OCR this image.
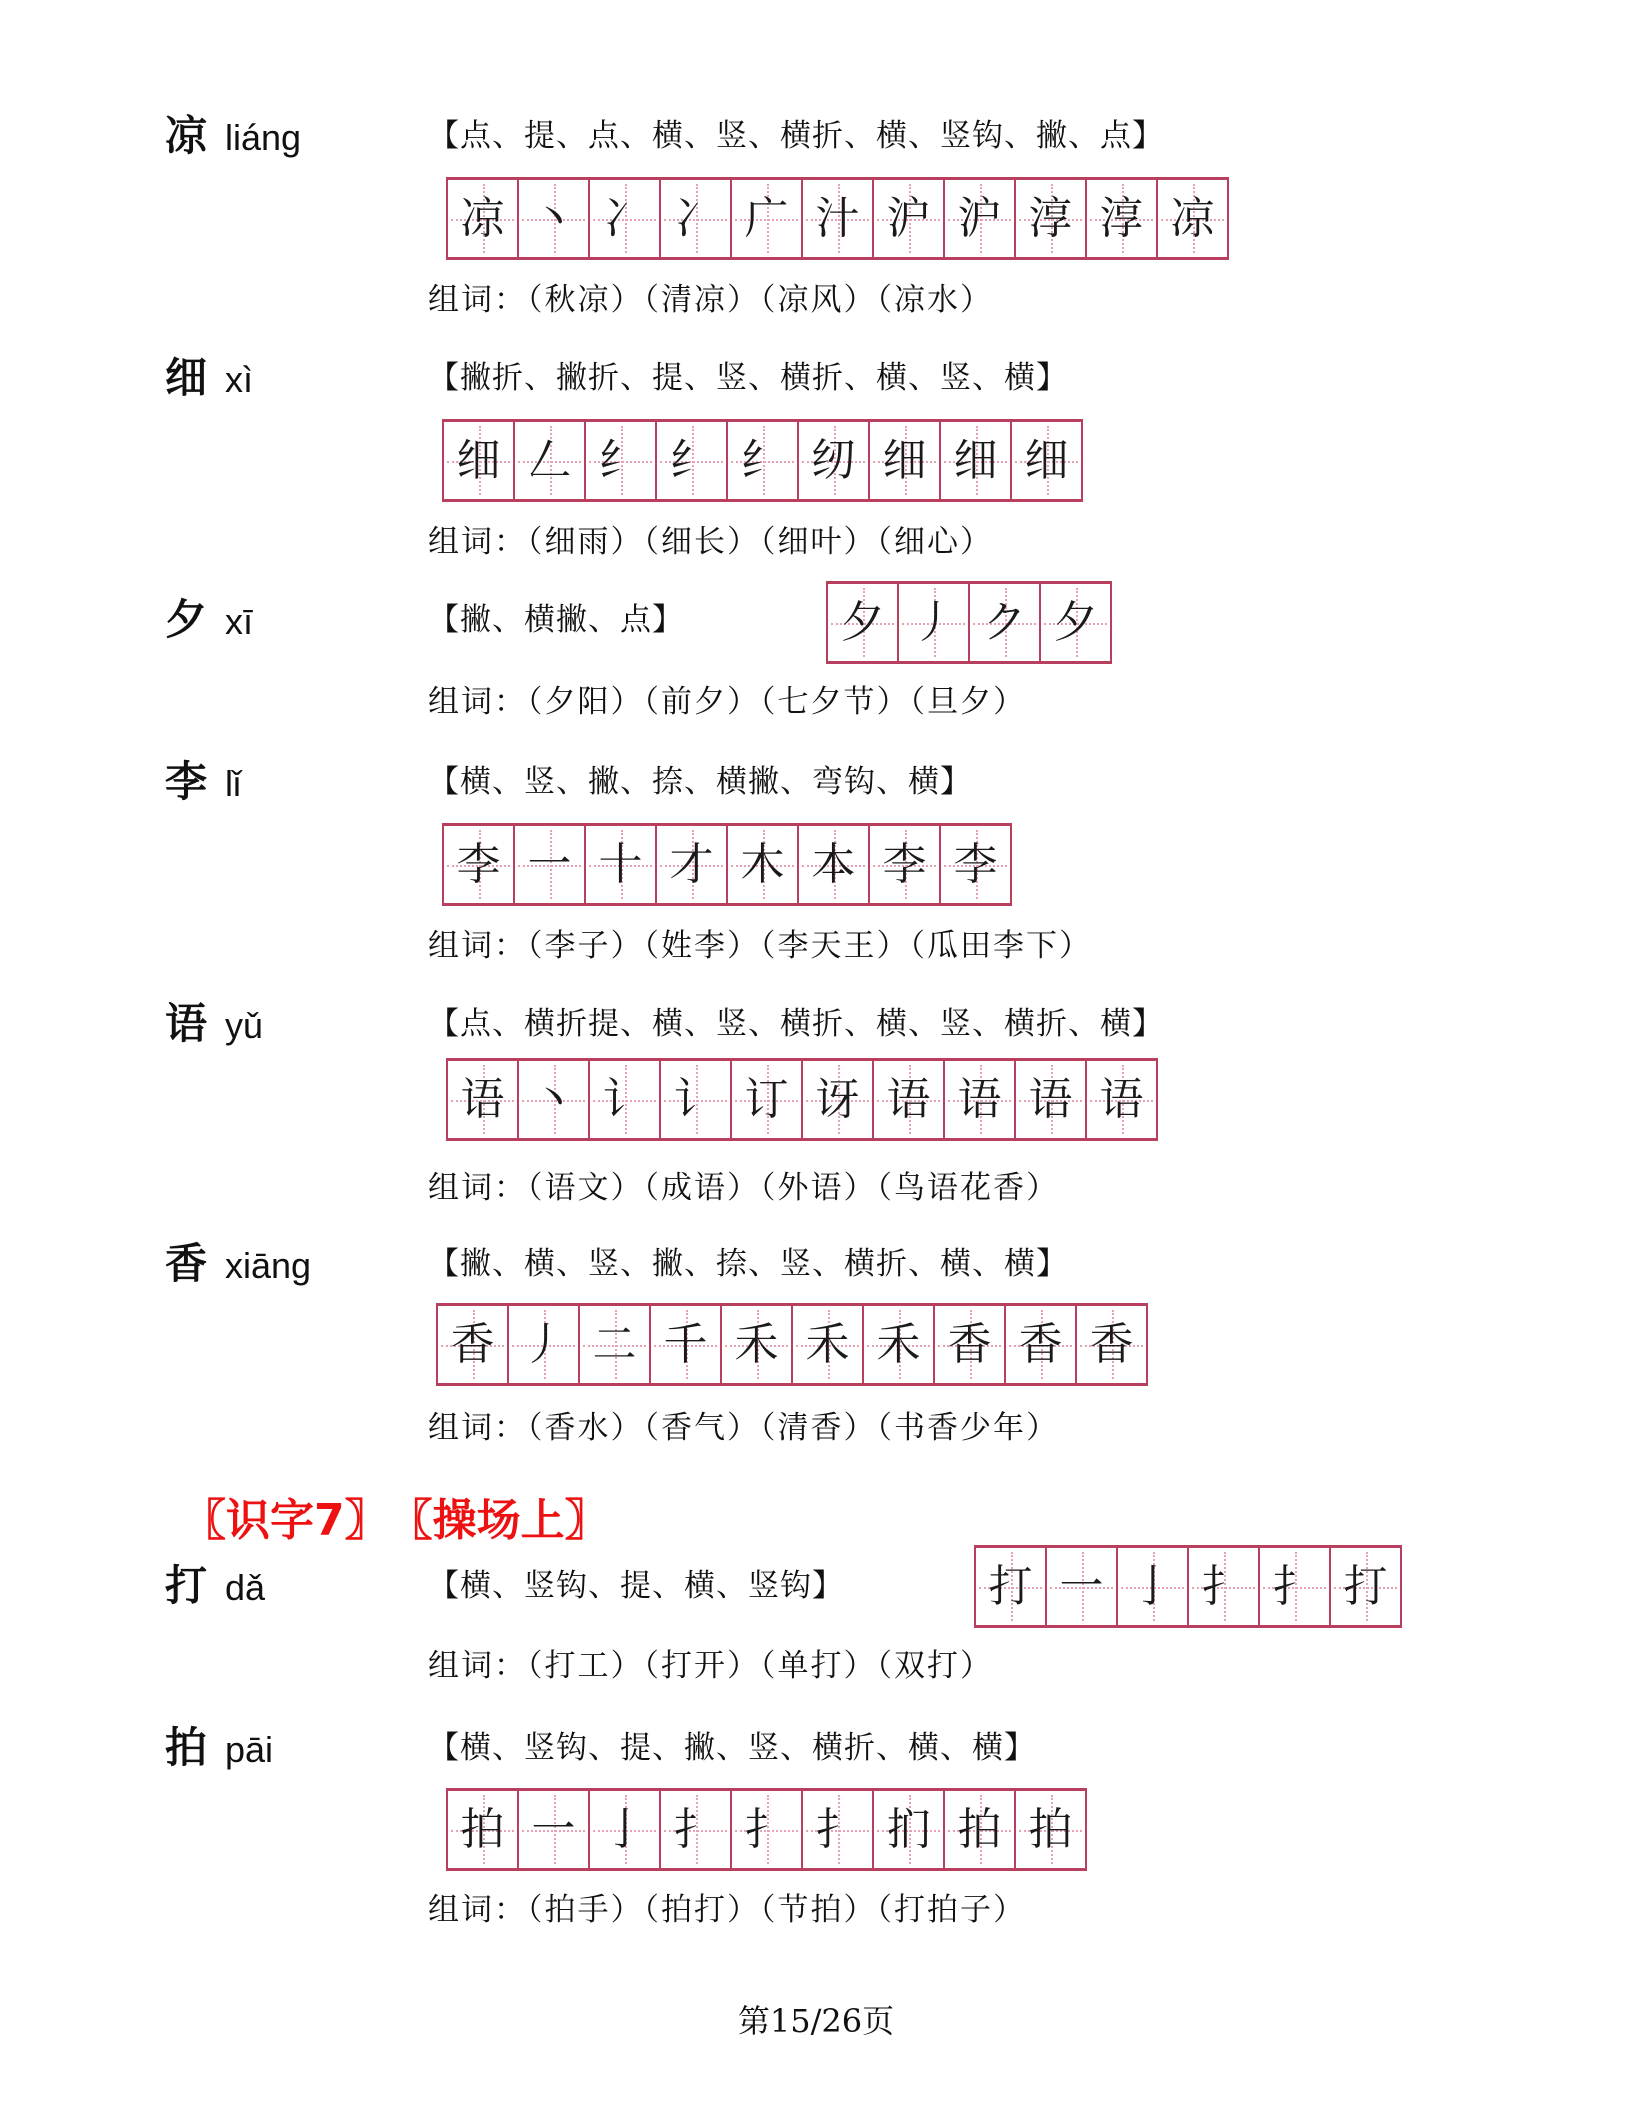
凉 liáng	【点、提、点、横、竖、横折、横、竖钩、撇、点】
凉 丶 冫 冫 广 汁 沪 沪 淳 淳 凉
组词：（秋凉）（清凉）（凉风）（凉水）
细 xì	【撇折、撇折、提、竖、横折、横、竖、横】
细 𠃋 纟 纟 纟 纫 细 细 细
组词：（细雨）（细长）（细叶）（细心）
夕 xī	【撇、横撇、点】	夕 丿 ク 夕
组词：（夕阳）（前夕）（七夕节）（旦夕）
李 lǐ	【横、竖、撇、捺、横撇、弯钩、横】
李 一 十 才 木 本 李 李
组词：（李子）（姓李）（李天王）（瓜田李下）
语 yǔ	【点、横折提、横、竖、横折、横、竖、横折、横】
语 丶 讠 讠 订 讶 语 语 语 语
组词：（语文）（成语）（外语）（鸟语花香）
香 xiāng	【撇、横、竖、撇、捺、竖、横折、横、横】
香 丿 二 千 禾 禾 禾 香 香 香
组词：（香水）（香气）（清香）（书香少年）
〖识字7〗 〖操场上〗
打 dǎ	【横、竖钩、提、横、竖钩】	打 一 亅 扌 扌 打
组词：（打工）（打开）（单打）（双打）
拍 pāi	【横、竖钩、提、撇、竖、横折、横、横】
拍 一 亅 扌 扌 扌 扪 拍 拍
组词：（拍手）（拍打）（节拍）（打拍子）
第15/26页
